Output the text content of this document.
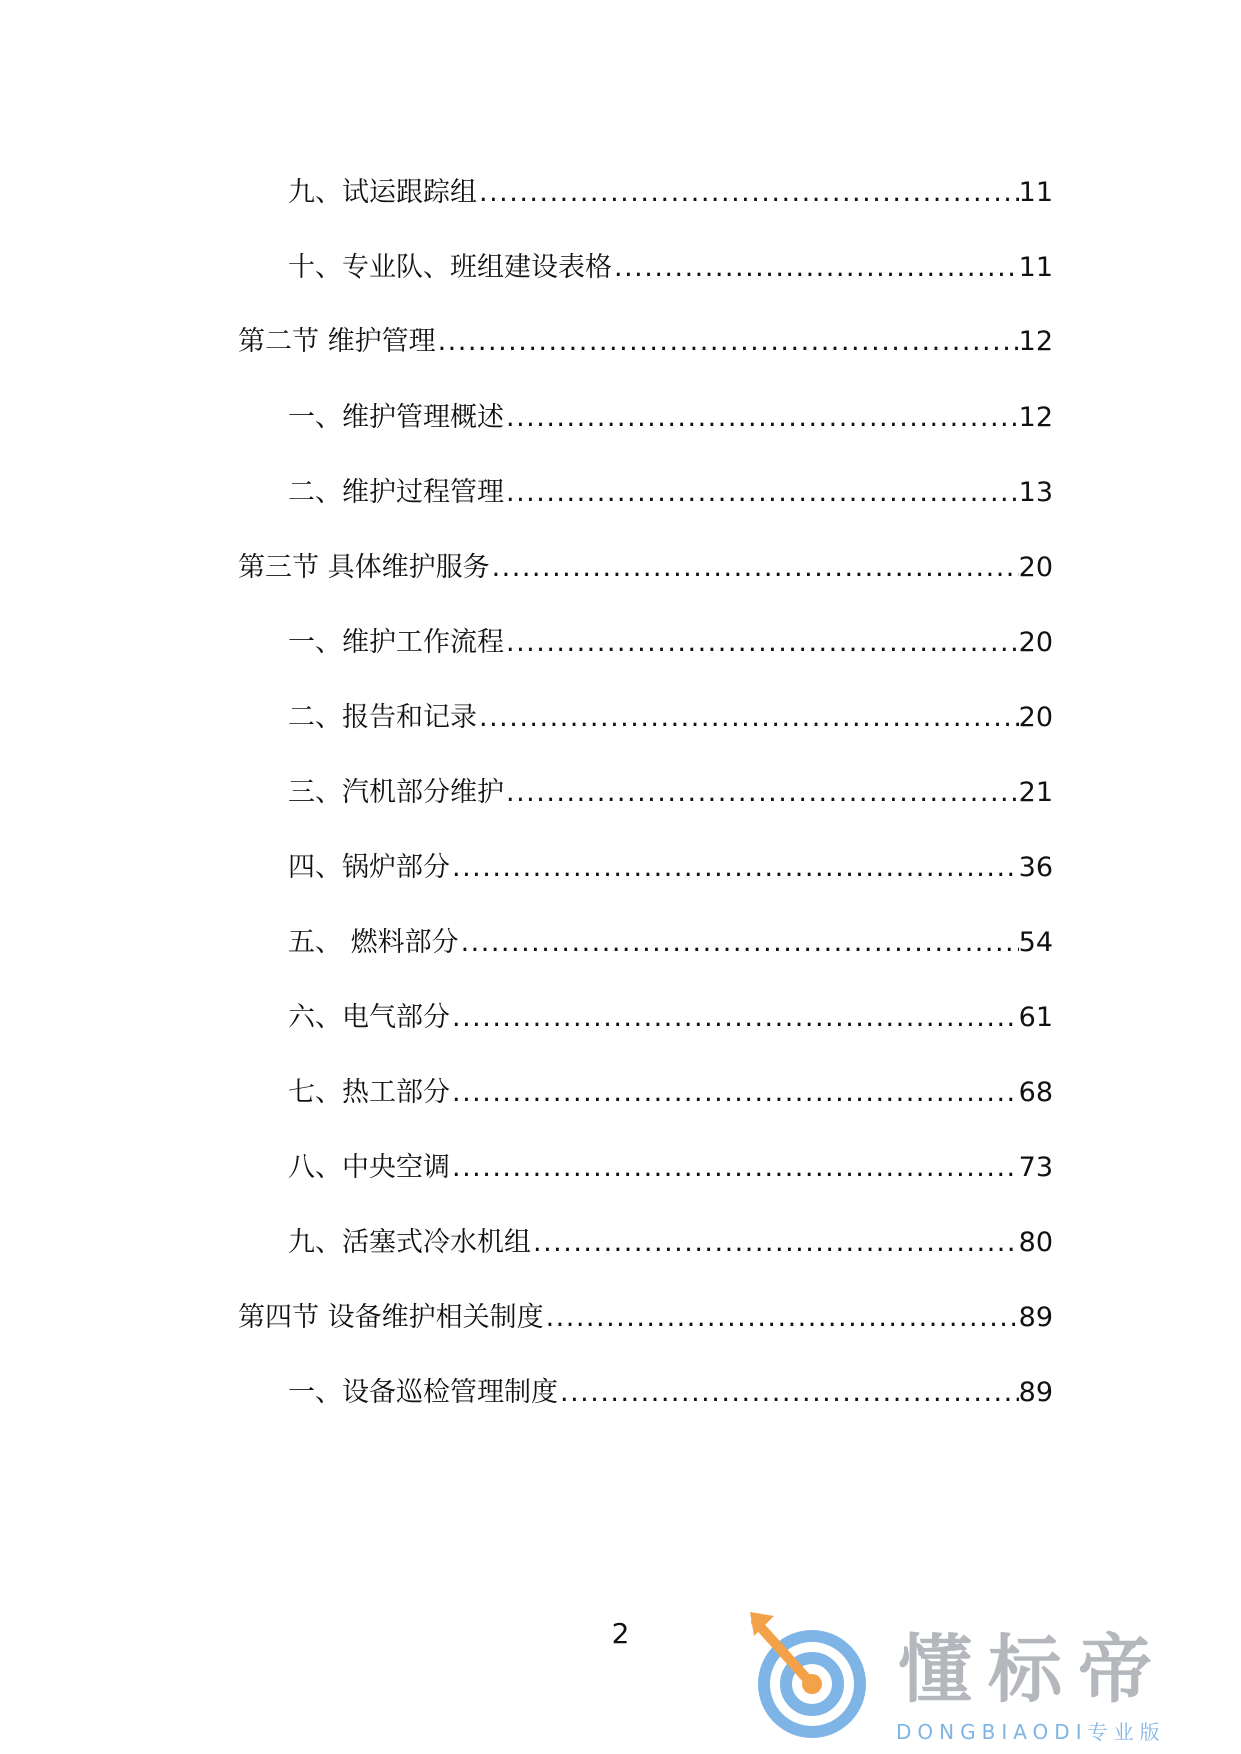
九、试运跟踪组 .....	11
十、专业队、班组建设表格 .....	11
第二节 维护管理 .....	12
一、维护管理概述 .....	12
二、维护过程管理 .....	13
第三节 具体维护服务 .....	20
一、维护工作流程 .....	20
二、报告和记录 .....	20
三、汽机部分维护 .....	21
四、锅炉部分 .....	36
五、 燃料部分 .....	54
六、电气部分 .....	61
七、热工部分 .....	68
八、中央空调 .....	73
九、活塞式冷水机组 .....	80
第四节 设备维护相关制度 .....	89
一、设备巡检管理制度 .....	89
2	懂标帝
DONGBIAODI专业版
